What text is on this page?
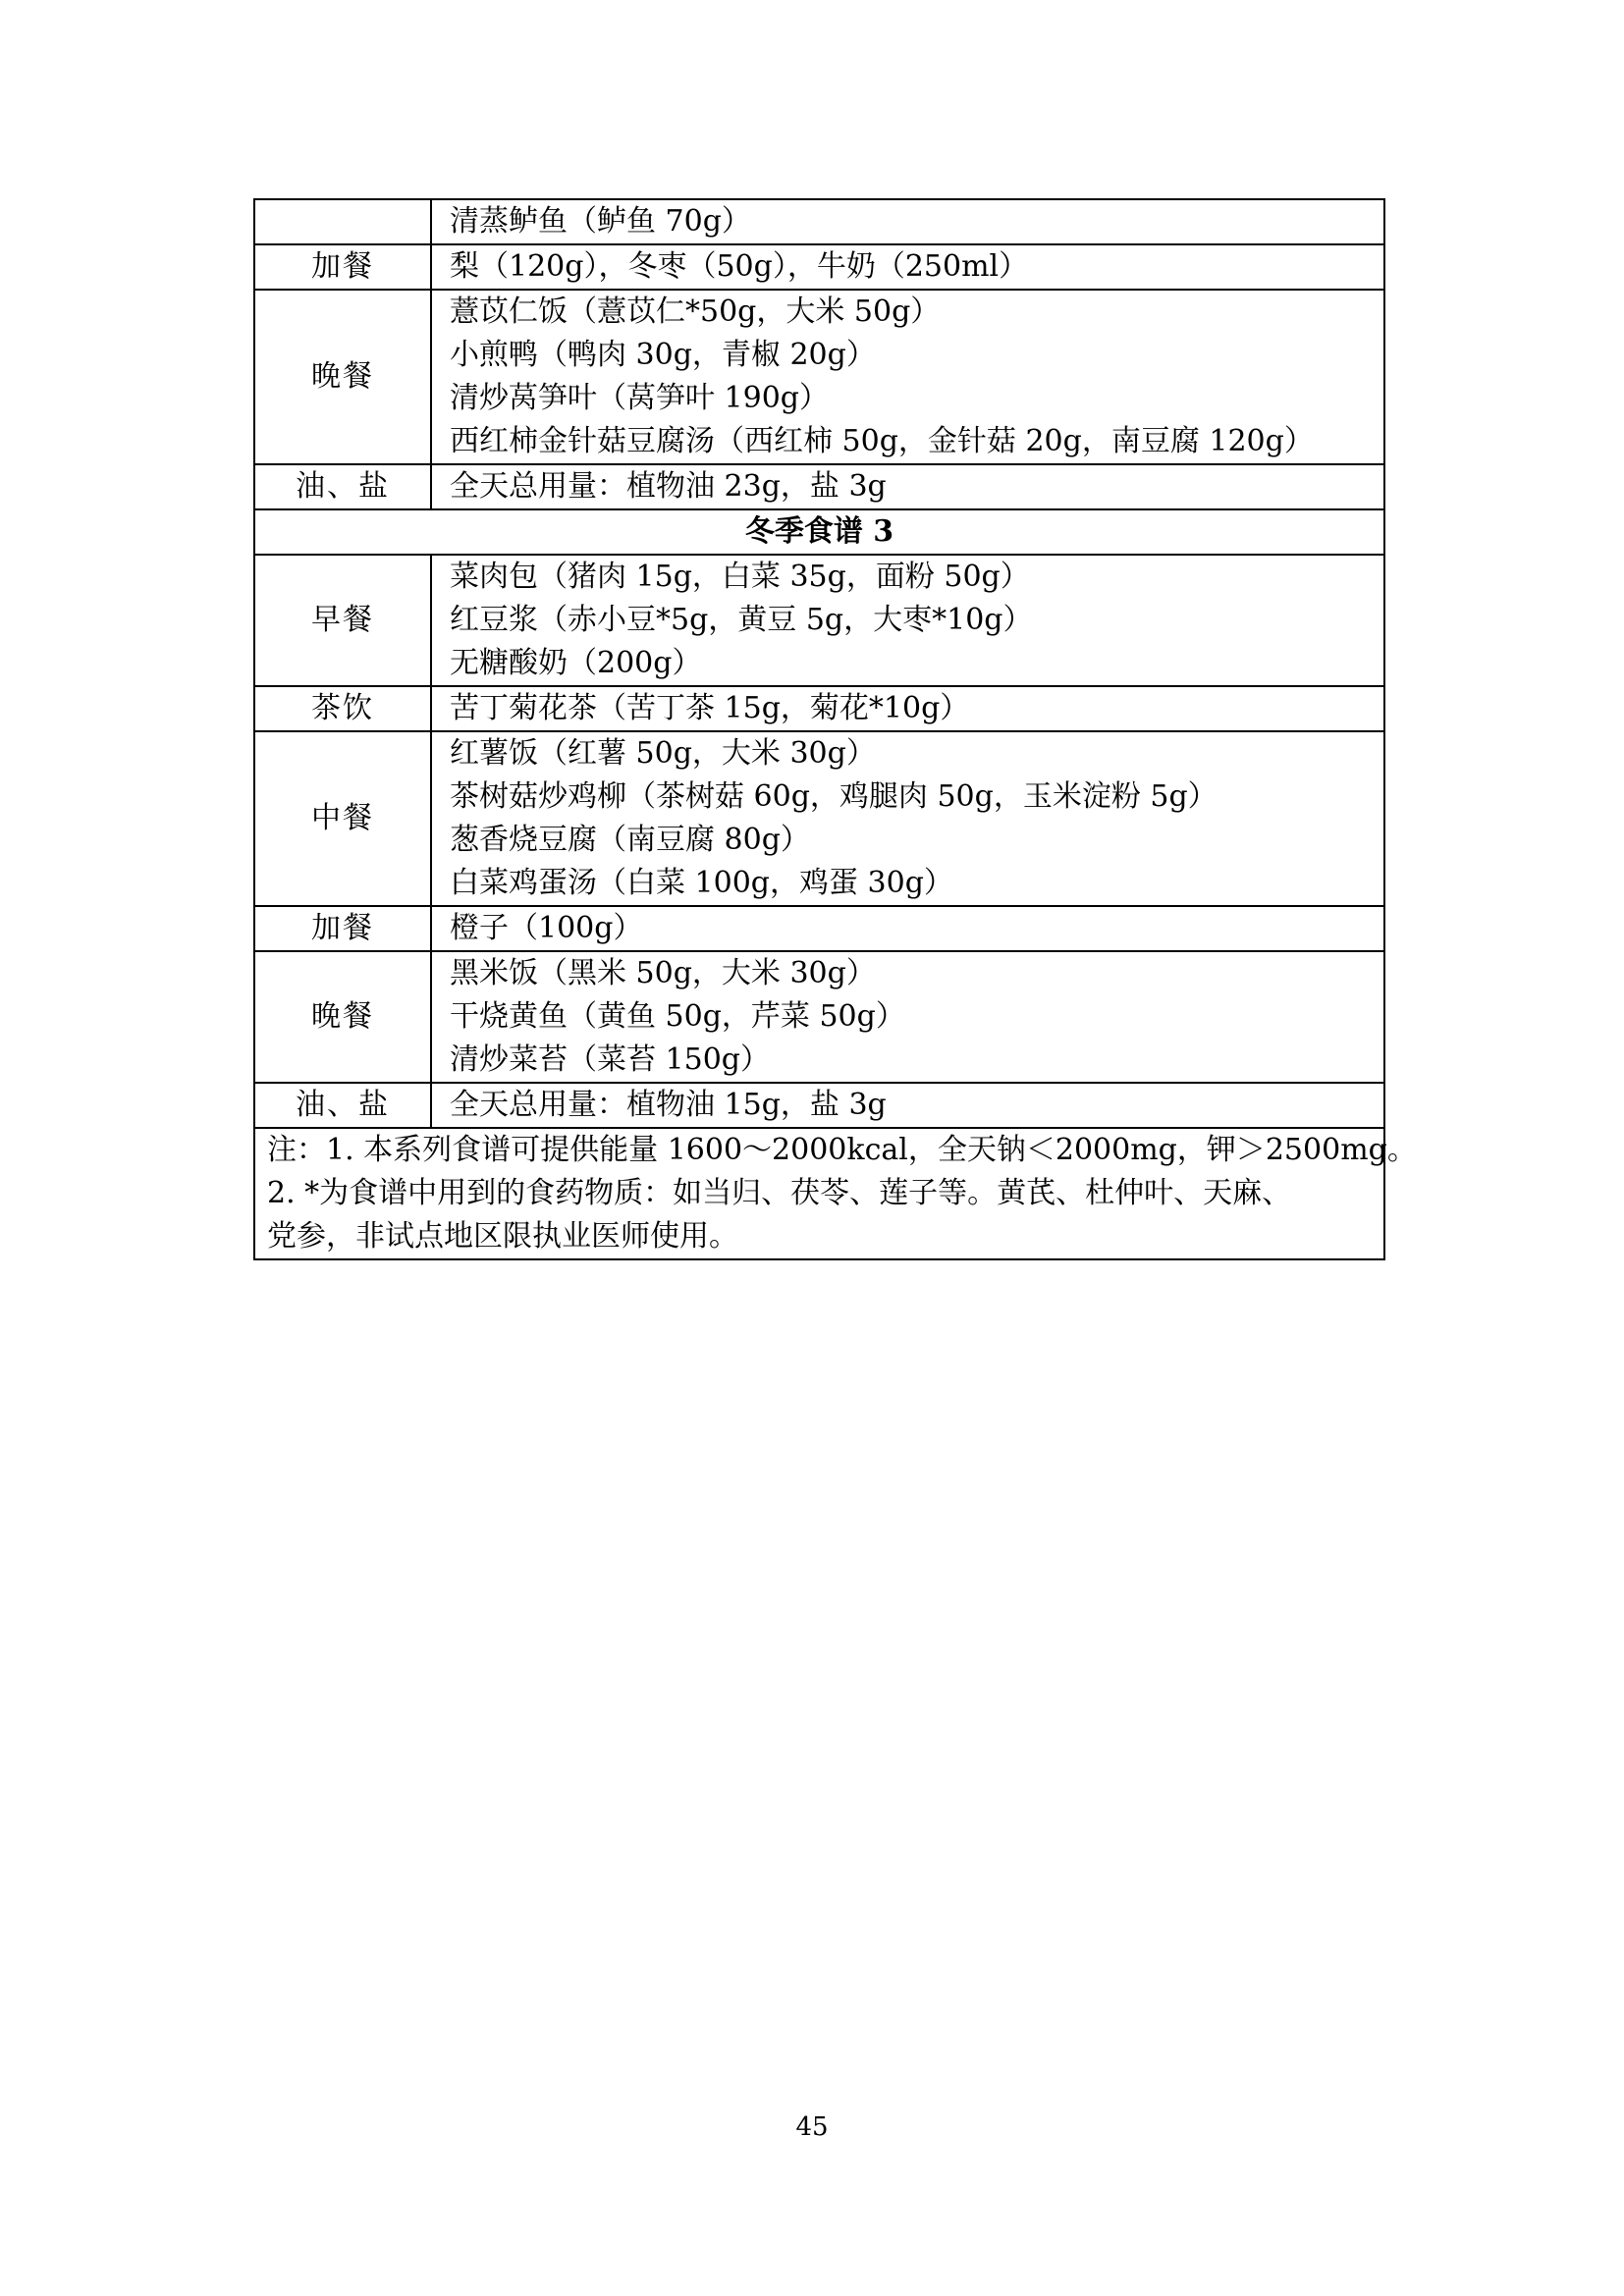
	清蒸鲈鱼（鲈鱼 70g）

加餐	梨（120g），冬枣（50g），牛奶（250ml）

晚餐	薏苡仁饭（薏苡仁*50g，大米 50g）
小煎鸭（鸭肉 30g，青椒 20g）
清炒莴笋叶（莴笋叶 190g）
西红柿金针菇豆腐汤（西红柿 50g，金针菇 20g，南豆腐 120g）

油、盐	全天总用量：植物油 23g，盐 3g

冬季食谱 3	
早餐	菜肉包（猪肉 15g，白菜 35g，面粉 50g）
红豆浆（赤小豆*5g，黄豆 5g，大枣*10g）
无糖酸奶（200g）

茶饮	苦丁菊花茶（苦丁茶 15g，菊花*10g）

中餐	红薯饭（红薯 50g，大米 30g）
茶树菇炒鸡柳（茶树菇 60g，鸡腿肉 50g，玉米淀粉 5g）
葱香烧豆腐（南豆腐 80g）
白菜鸡蛋汤（白菜 100g，鸡蛋 30g）

加餐	橙子（100g）

晚餐	黑米饭（黑米 50g，大米 30g）
干烧黄鱼（黄鱼 50g，芹菜 50g）
清炒菜苔（菜苔 150g）

油、盐	全天总用量：植物油 15g，盐 3g

注：1. 本系列食谱可提供能量 1600～2000kcal，全天钠＜2000mg，钾＞2500mg。
2. *为食谱中用到的食药物质：如当归、茯苓、莲子等。黄芪、杜仲叶、天麻、
党参，非试点地区限执业医师使用。	
45
